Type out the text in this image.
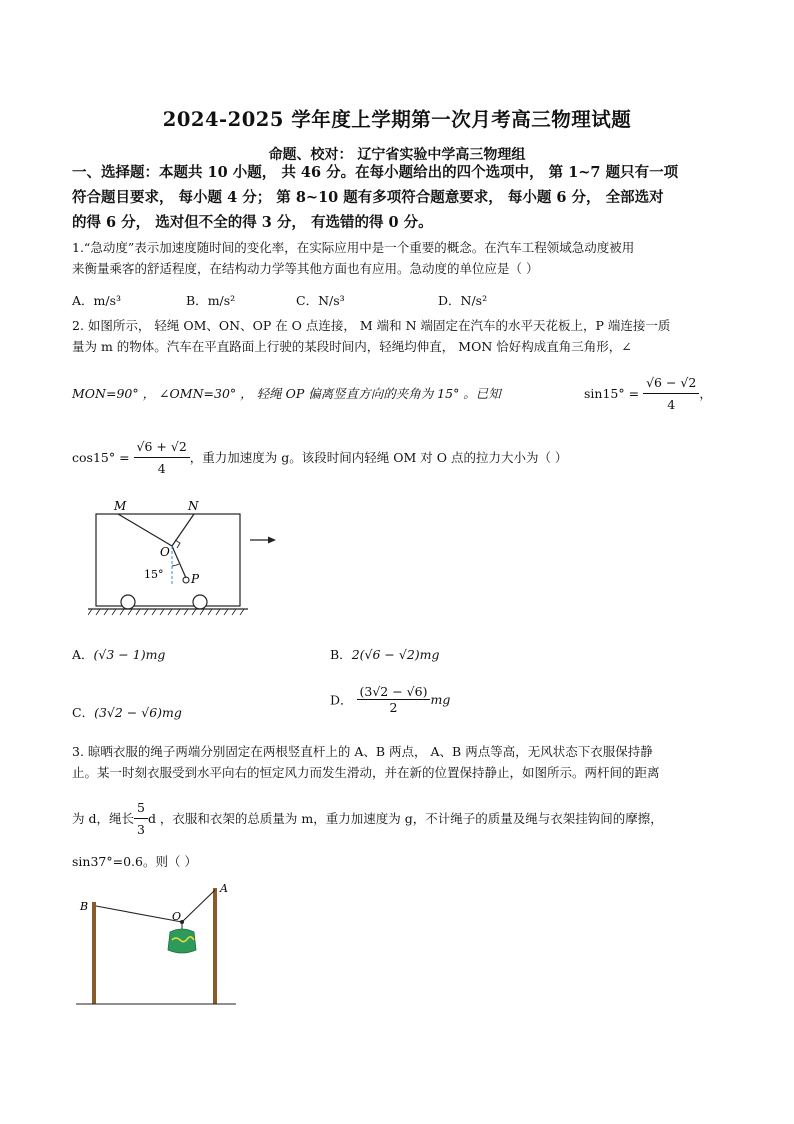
2024-2025 学年度上学期第一次月考高三物理试题
命题、校对： 辽宁省实验中学高三物理组
一、选择题：本题共 10 小题， 共 46 分。在每小题给出的四个选项中， 第 1~7 题只有一项
符合题目要求， 每小题 4 分； 第 8~10 题有多项符合题意要求， 每小题 6 分， 全部选对
的得 6 分， 选对但不全的得 3 分， 有选错的得 0 分。
1.“急动度”表示加速度随时间的变化率，在实际应用中是一个重要的概念。在汽车工程领域急动度被用
来衡量乘客的舒适程度，在结构动力学等其他方面也有应用。急动度的单位应是（ ）
A．m/s³	B．m/s²	C．N/s³	D．N/s²
2. 如图所示， 轻绳 OM、ON、OP 在 O 点连接， M 端和 N 端固定在汽车的水平天花板上，P 端连接一质
量为 m 的物体。汽车在平直路面上行驶的某段时间内，轻绳均伸直， MON 恰好构成直角三角形，∠
MON=90° ， ∠OMN=30° ， 轻绳 OP 偏离竖直方向的夹角为 15° 。已知	$\sin 15^\circ = \frac{√6 - √2}{4}$ ，
$\cos 15^\circ = \frac{√6 + √2}{4}$ ，重力加速度为 g。该段时间内轻绳 OM 对 O 点的拉力大小为（ ）
M	N
O
P
15°
A．(√3 − 1)mg	B．2(√6 − √2)mg
C．(3√2 − √6)mg
D． $\frac{(3√2 - √6)}{2}$ mg
3. 晾晒衣服的绳子两端分别固定在两根竖直杆上的 A、B 两点， A、B 两点等高，无风状态下衣服保持静
止。某一时刻衣服受到水平向右的恒定风力而发生滑动，并在新的位置保持静止，如图所示。两杆间的距离
为 d，绳长 $\frac{5}{3}$ d ，衣服和衣架的总质量为 m，重力加速度为 g，不计绳子的质量及绳与衣架挂钩间的摩擦，
sin37°=0.6。则（ ）
B
A
O
